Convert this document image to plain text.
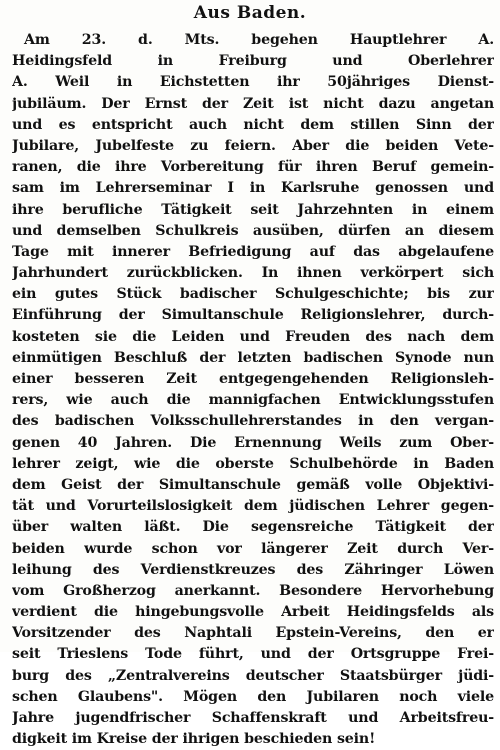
Aus Baden.
Am 23. d. Mts. begehen Hauptlehrer A.
Heidingsfeld in Freiburg und Oberlehrer
A. Weil in Eichstetten ihr 50jähriges Dienst-
jubiläum. Der Ernst der Zeit ist nicht dazu angetan
und es entspricht auch nicht dem stillen Sinn der
Jubilare, Jubelfeste zu feiern. Aber die beiden Vete-
ranen, die ihre Vorbereitung für ihren Beruf gemein-
sam im Lehrerseminar I in Karlsruhe genossen und
ihre berufliche Tätigkeit seit Jahrzehnten in einem
und demselben Schulkreis ausüben, dürfen an diesem
Tage mit innerer Befriedigung auf das abgelaufene
Jahrhundert zurückblicken. In ihnen verkörpert sich
ein gutes Stück badischer Schulgeschichte; bis zur
Einführung der Simultanschule Religionslehrer, durch-
kosteten sie die Leiden und Freuden des nach dem
einmütigen Beschluß der letzten badischen Synode nun
einer besseren Zeit entgegengehenden Religionsleh-
rers, wie auch die mannigfachen Entwicklungsstufen
des badischen Volksschullehrerstandes in den vergan-
genen 40 Jahren. Die Ernennung Weils zum Ober-
lehrer zeigt, wie die oberste Schulbehörde in Baden
dem Geist der Simultanschule gemäß volle Objektivi-
tät und Vorurteilslosigkeit dem jüdischen Lehrer gegen-
über walten läßt. Die segensreiche Tätigkeit der
beiden wurde schon vor längerer Zeit durch Ver-
leihung des Verdienstkreuzes des Zähringer Löwen
vom Großherzog anerkannt. Besondere Hervorhebung
verdient die hingebungsvolle Arbeit Heidingsfelds als
Vorsitzender des Naphtali Epstein-Vereins, den er
seit Trieslens Tode führt, und der Ortsgruppe Frei-
burg des „Zentralvereins deutscher Staatsbürger jüdi-
schen Glaubens". Mögen den Jubilaren noch viele
Jahre jugendfrischer Schaffenskraft und Arbeitsfreu-
digkeit im Kreise der ihrigen beschieden sein!
